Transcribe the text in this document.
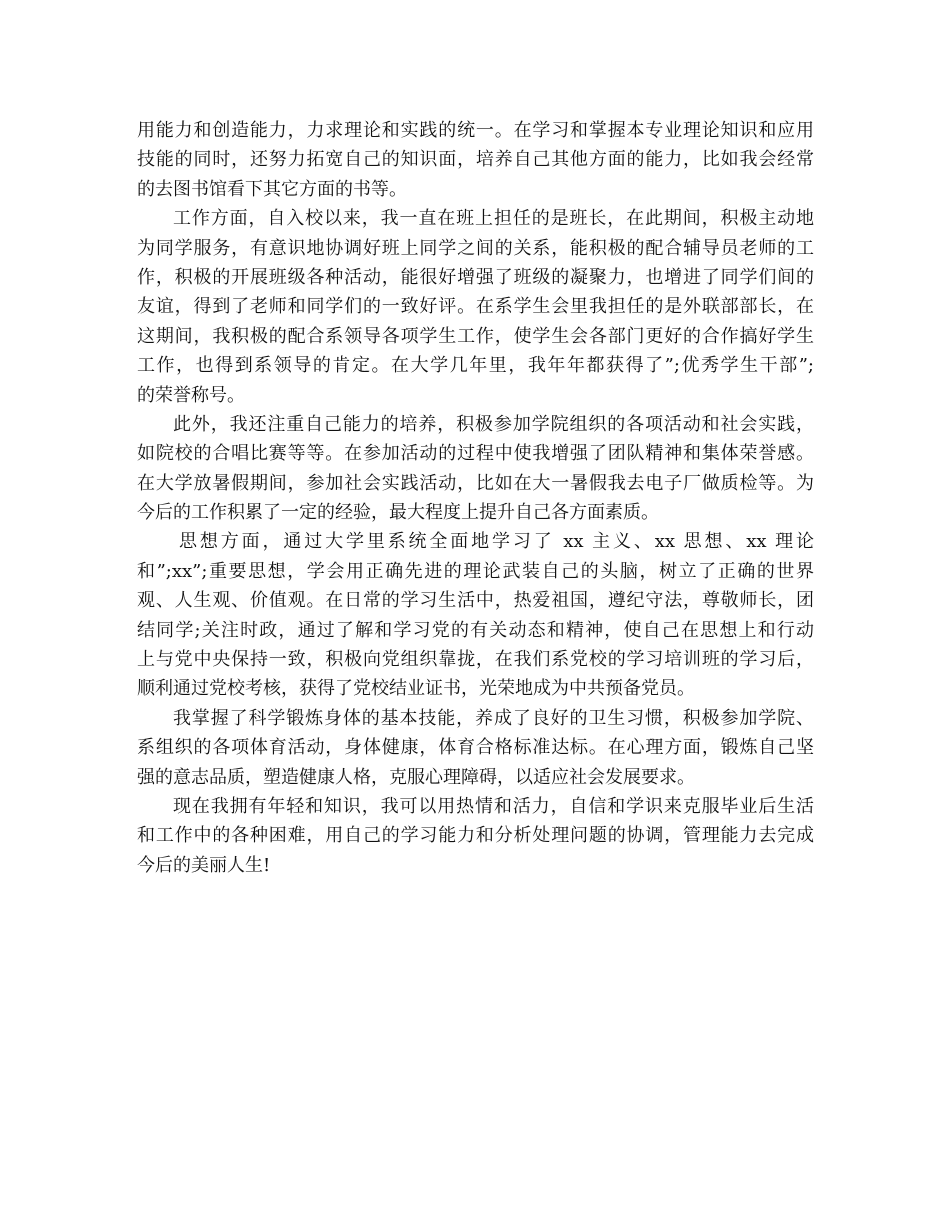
用能力和创造能力，力求理论和实践的统一。在学习和掌握本专业理论知识和应用
技能的同时，还努力拓宽自己的知识面，培养自己其他方面的能力，比如我会经常
的去图书馆看下其它方面的书等。
工作方面，自入校以来，我一直在班上担任的是班长，在此期间，积极主动地
为同学服务，有意识地协调好班上同学之间的关系，能积极的配合辅导员老师的工
作，积极的开展班级各种活动，能很好增强了班级的凝聚力，也增进了同学们间的
友谊，得到了老师和同学们的一致好评。在系学生会里我担任的是外联部部长，在
这期间，我积极的配合系领导各项学生工作，使学生会各部门更好的合作搞好学生
工作，也得到系领导的肯定。在大学几年里，我年年都获得了”;优秀学生干部”;
的荣誉称号。
此外，我还注重自己能力的培养，积极参加学院组织的各项活动和社会实践，
如院校的合唱比赛等等。在参加活动的过程中使我增强了团队精神和集体荣誉感。
在大学放暑假期间，参加社会实践活动，比如在大一暑假我去电子厂做质检等。为
今后的工作积累了一定的经验，最大程度上提升自己各方面素质。
思想方面，通过大学里系统全面地学习了 xx 主义、xx 思想、xx 理论
和”;xx”;重要思想，学会用正确先进的理论武装自己的头脑，树立了正确的世界
观、人生观、价值观。在日常的学习生活中，热爱祖国，遵纪守法，尊敬师长，团
结同学;关注时政，通过了解和学习党的有关动态和精神，使自己在思想上和行动
上与党中央保持一致，积极向党组织靠拢，在我们系党校的学习培训班的学习后，
顺利通过党校考核，获得了党校结业证书，光荣地成为中共预备党员。
我掌握了科学锻炼身体的基本技能，养成了良好的卫生习惯，积极参加学院、
系组织的各项体育活动，身体健康，体育合格标准达标。在心理方面，锻炼自己坚
强的意志品质，塑造健康人格，克服心理障碍，以适应社会发展要求。
现在我拥有年轻和知识，我可以用热情和活力，自信和学识来克服毕业后生活
和工作中的各种困难，用自己的学习能力和分析处理问题的协调，管理能力去完成
今后的美丽人生!
